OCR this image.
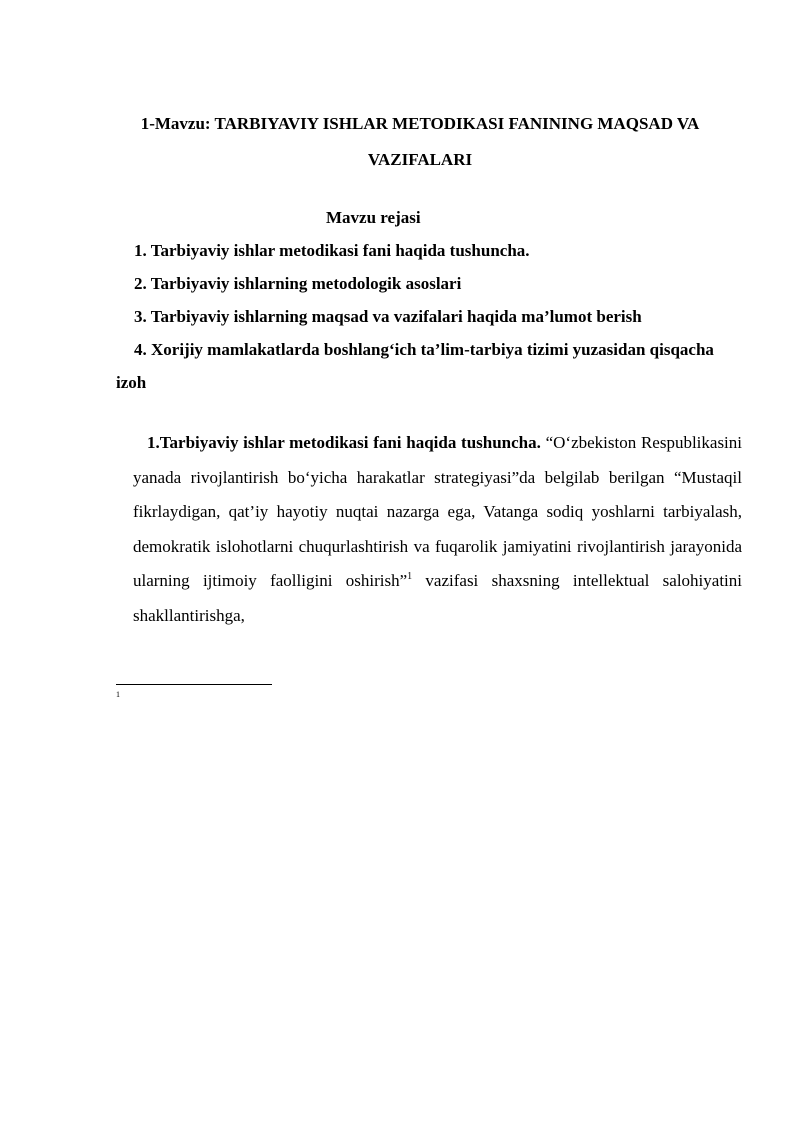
1-Mavzu: TARBIYAVIY ISHLAR METODIKASI FANINING MAQSAD VA VAZIFALARI
Mavzu rejasi
1. Tarbiyaviy ishlar metodikasi fani haqida tushuncha.
2. Tarbiyaviy ishlarning metodologik asoslari
3. Tarbiyaviy ishlarning maqsad va vazifalari haqida ma’lumot berish
4. Xorijiy mamlakatlarda boshlang‘ich ta’lim-tarbiya tizimi yuzasidan qisqacha izoh
1.Tarbiyaviy ishlar metodikasi fani haqida tushuncha. “O‘zbekiston Respublikasini yanada rivojlantirish bo‘yicha harakatlar strategiyasi”da belgilab berilgan “Mustaqil fikrlaydigan, qat’iy hayotiy nuqtai nazarga ega, Vatanga sodiq yoshlarni tarbiyalash, demokratik islohotlarni chuqurlashtirish va fuqarolik jamiyatini rivojlantirish jarayonida ularning ijtimoiy faolligini oshirish”$^1$ vazifasi shaxsning intellektual salohiyatini shakllantirishga,
1
